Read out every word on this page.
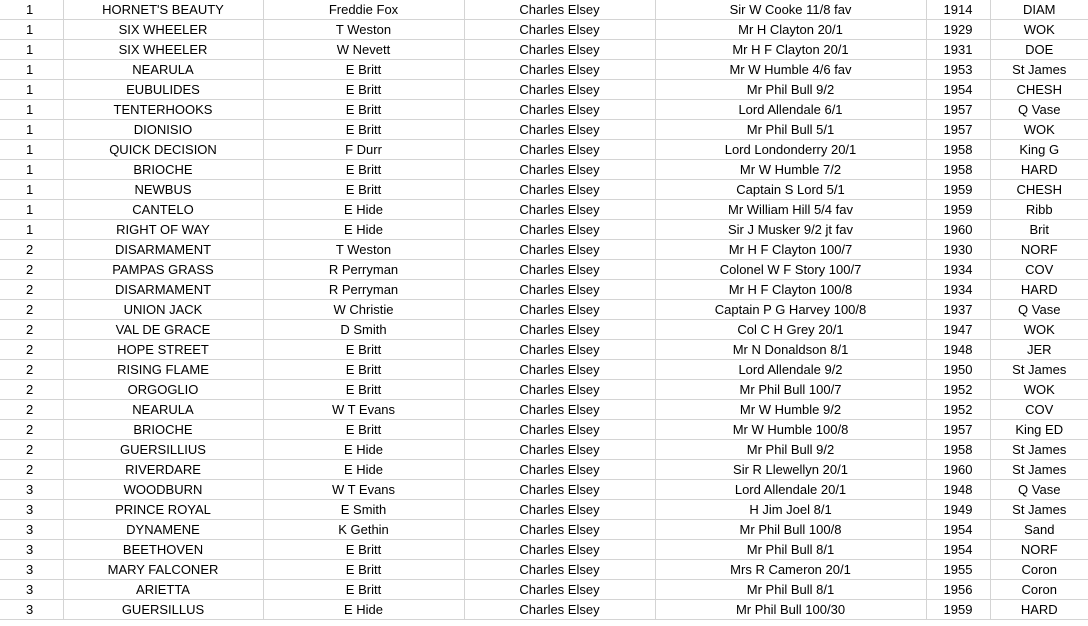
1	HORNET'S BEAUTY	Freddie Fox	Charles Elsey	Sir W Cooke 11/8 fav	1914	DIAM
1	SIX WHEELER	T Weston	Charles Elsey	Mr H Clayton 20/1	1929	WOK
1	SIX WHEELER	W Nevett	Charles Elsey	Mr H F Clayton 20/1	1931	DOE
1	NEARULA	E Britt	Charles Elsey	Mr W Humble 4/6 fav	1953	St James
1	EUBULIDES	E Britt	Charles Elsey	Mr Phil Bull 9/2	1954	CHESH
1	TENTERHOOKS	E Britt	Charles Elsey	Lord Allendale 6/1	1957	Q Vase
1	DIONISIO	E Britt	Charles Elsey	Mr Phil Bull 5/1	1957	WOK
1	QUICK DECISION	F Durr	Charles Elsey	Lord Londonderry 20/1	1958	King G
1	BRIOCHE	E Britt	Charles Elsey	Mr W Humble 7/2	1958	HARD
1	NEWBUS	E Britt	Charles Elsey	Captain S Lord 5/1	1959	CHESH
1	CANTELO	E Hide	Charles Elsey	Mr William Hill 5/4 fav	1959	Ribb
1	RIGHT OF WAY	E Hide	Charles Elsey	Sir J Musker 9/2 jt fav	1960	Brit
2	DISARMAMENT	T Weston	Charles Elsey	Mr H F Clayton 100/7	1930	NORF
2	PAMPAS GRASS	R Perryman	Charles Elsey	Colonel W F Story 100/7	1934	COV
2	DISARMAMENT	R Perryman	Charles Elsey	Mr H F Clayton 100/8	1934	HARD
2	UNION JACK	W Christie	Charles Elsey	Captain P G Harvey 100/8	1937	Q Vase
2	VAL DE GRACE	D Smith	Charles Elsey	Col C H Grey 20/1	1947	WOK
2	HOPE STREET	E Britt	Charles Elsey	Mr N Donaldson 8/1	1948	JER
2	RISING FLAME	E Britt	Charles Elsey	Lord Allendale 9/2	1950	St James
2	ORGOGLIO	E Britt	Charles Elsey	Mr Phil Bull 100/7	1952	WOK
2	NEARULA	W T Evans	Charles Elsey	Mr W Humble 9/2	1952	COV
2	BRIOCHE	E Britt	Charles Elsey	Mr W Humble 100/8	1957	King ED
2	GUERSILLIUS	E Hide	Charles Elsey	Mr Phil Bull 9/2	1958	St James
2	RIVERDARE	E Hide	Charles Elsey	Sir R Llewellyn 20/1	1960	St James
3	WOODBURN	W T Evans	Charles Elsey	Lord Allendale 20/1	1948	Q Vase
3	PRINCE ROYAL	E Smith	Charles Elsey	H Jim Joel 8/1	1949	St James
3	DYNAMENE	K Gethin	Charles Elsey	Mr Phil Bull 100/8	1954	Sand
3	BEETHOVEN	E Britt	Charles Elsey	Mr Phil Bull 8/1	1954	NORF
3	MARY FALCONER	E Britt	Charles Elsey	Mrs R Cameron 20/1	1955	Coron
3	ARIETTA	E Britt	Charles Elsey	Mr Phil Bull 8/1	1956	Coron
3	GUERSILLUS	E Hide	Charles Elsey	Mr Phil Bull 100/30	1959	HARD
